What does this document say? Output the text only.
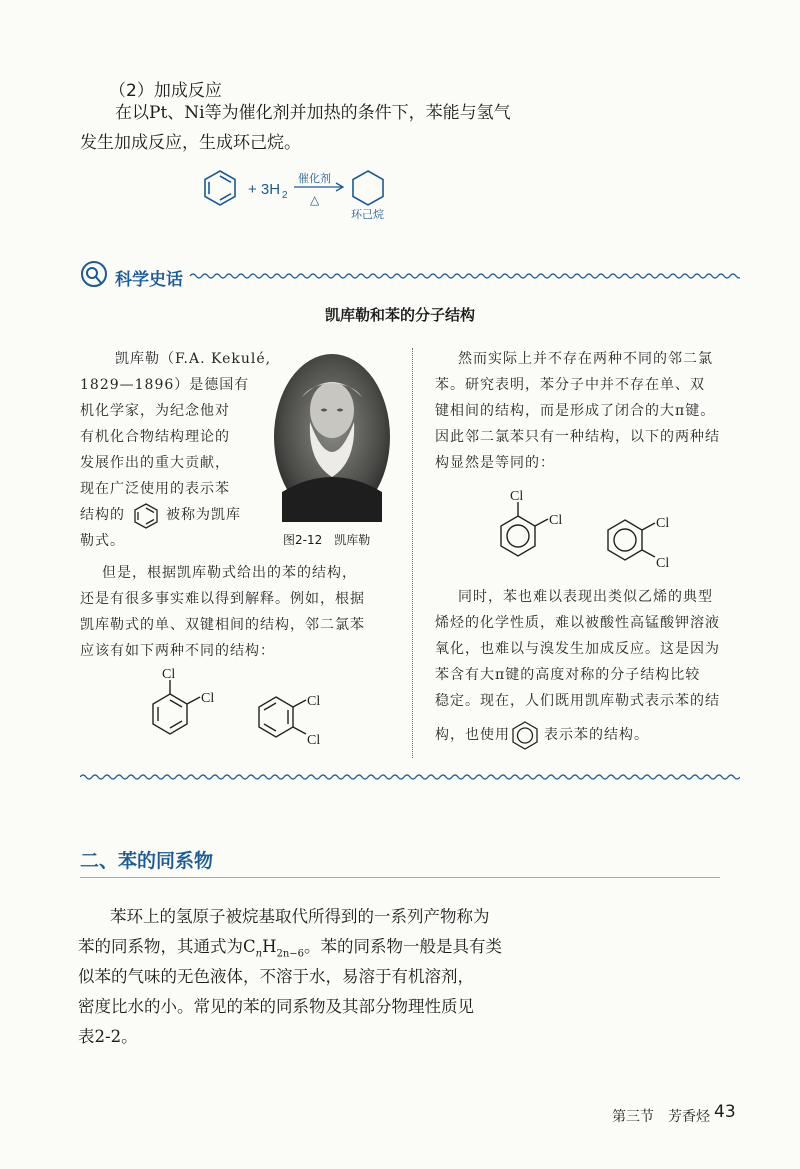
（2）加成反应
在以Pt、Ni等为催化剂并加热的条件下，苯能与氢气
发生加成反应，生成环己烷。
+ 3H 2
催化剂
△
环己烷
科学史话
凯库勒和苯的分子结构
凯库勒（F.A. Kekulé,
1829—1896）是德国有
机化学家，为纪念他对
有机化合物结构理论的
发展作出的重大贡献，
现在广泛使用的表示苯
结构的	被称为凯库
勒式。	图2-12　凯库勒
但是，根据凯库勒式给出的苯的结构，
还是有很多事实难以得到解释。例如，根据
凯库勒式的单、双键相间的结构，邻二氯苯
应该有如下两种不同的结构：
Cl
Cl	Cl
Cl
然而实际上并不存在两种不同的邻二氯
苯。研究表明，苯分子中并不存在单、双
键相间的结构，而是形成了闭合的大π键。
因此邻二氯苯只有一种结构，以下的两种结
构显然是等同的：
Cl
Cl	Cl
Cl
同时，苯也难以表现出类似乙烯的典型
烯烃的化学性质，难以被酸性高锰酸钾溶液
氧化，也难以与溴发生加成反应。这是因为
苯含有大π键的高度对称的分子结构比较
稳定。现在，人们既用凯库勒式表示苯的结
构，也使用 表示苯的结构。
二、苯的同系物
苯环上的氢原子被烷基取代所得到的一系列产物称为
苯的同系物，其通式为$C_nH_{2n-6}$。苯的同系物一般是具有类
似苯的气味的无色液体，不溶于水，易溶于有机溶剂，
密度比水的小。常见的苯的同系物及其部分物理性质见
表2-2。
第三节　芳香烃 43
